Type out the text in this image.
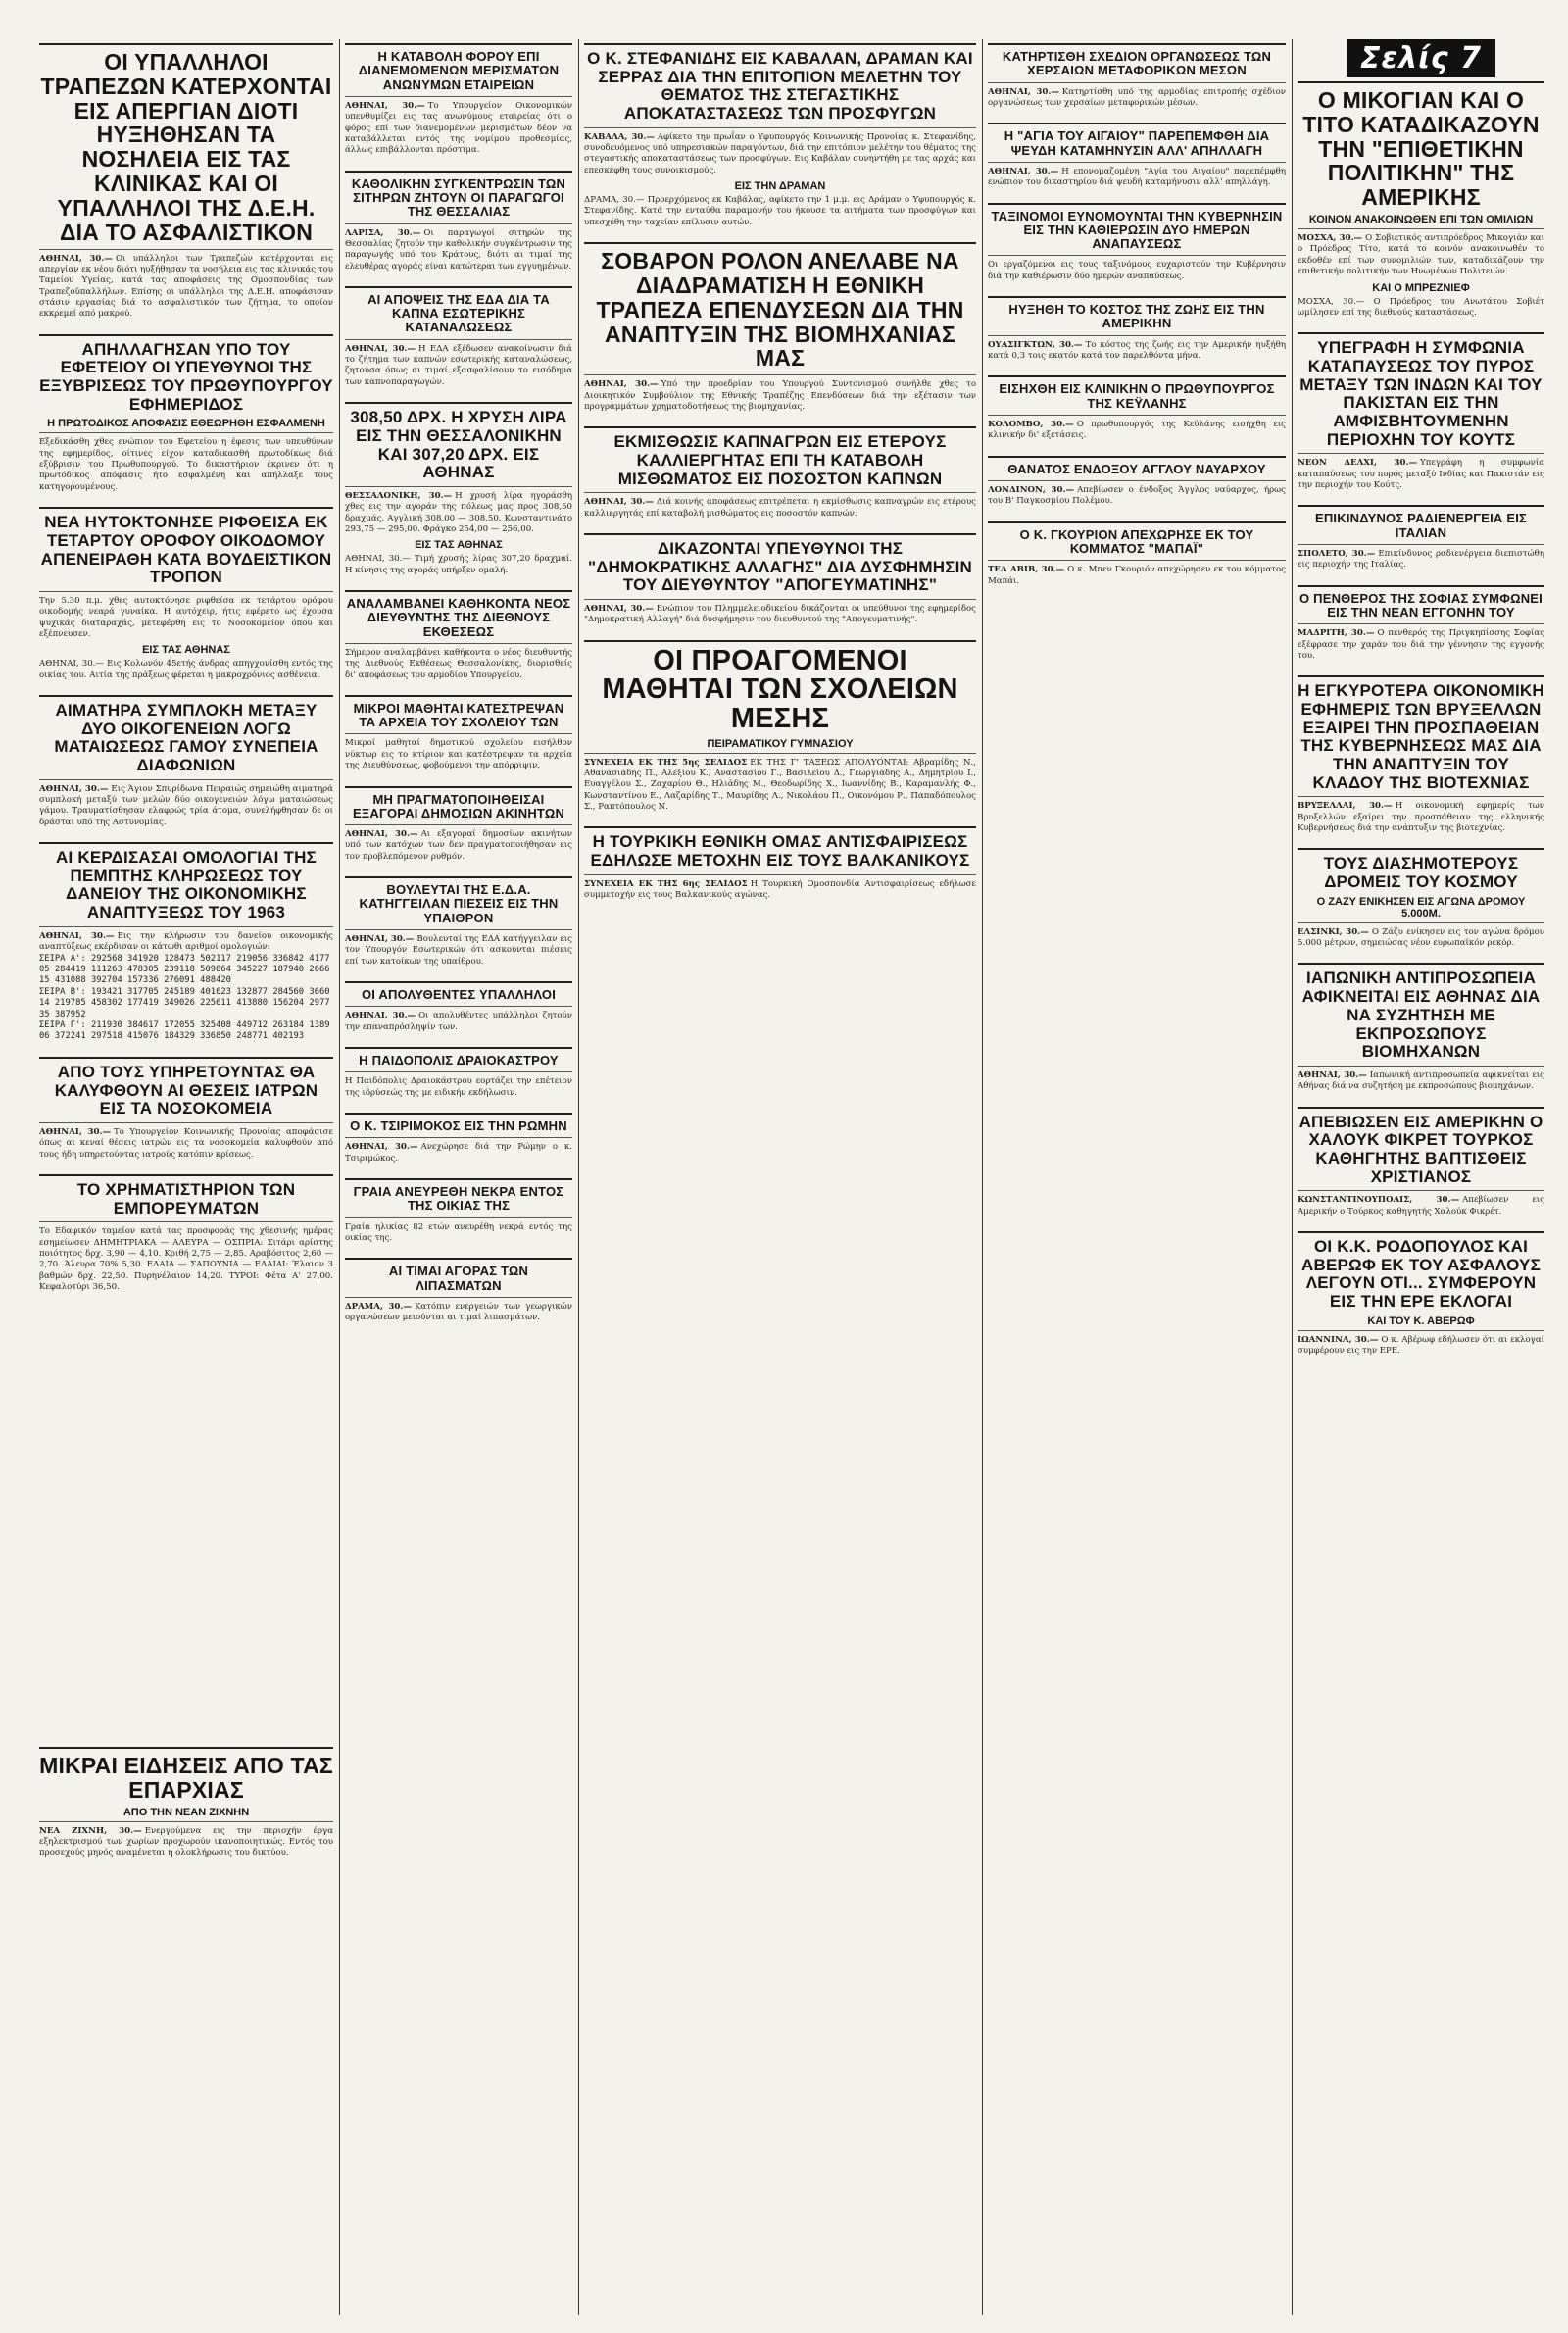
ΟΙ ΥΠΑΛΛΗΛΟΙ ΤΡΑΠΕΖΩΝ ΚΑΤΕΡΧΟΝΤΑΙ ΕΙΣ ΑΠΕΡΓΙΑΝ ΔΙΟΤΙ ΗΥΞΗΘΗΣΑΝ ΤΑ ΝΟΣΗΛΕΙΑ ΕΙΣ ΤΑΣ ΚΛΙΝΙΚΑΣ ΚΑΙ ΟΙ ΥΠΑΛΛΗΛΟΙ ΤΗΣ Δ.Ε.Η. ΔΙΑ ΤΟ ΑΣΦΑΛΙΣΤΙΚΟΝ
ΑΘΗΝΑΙ, 30.— Οι υπάλληλοι των Τραπεζών κατέρχονται εις απεργίαν εκ νέου διότι ηυξήθησαν τα νοσήλεια εις τας κλινικάς του Ταμείου Υγείας, κατά τας αποφάσεις της Ομοσπονδίας των Τραπεζοϋπαλλήλων. Επίσης οι υπάλληλοι της Δ.Ε.Η. αποφάσισαν στάσιν εργασίας διά το ασφαλιστικόν των ζήτημα, το οποίον εκκρεμεί από μακρού.
ΑΠΗΛΛΑΓΗΣΑΝ ΥΠΟ ΤΟΥ ΕΦΕΤΕΙΟΥ ΟΙ ΥΠΕΥΘΥΝΟΙ ΤΗΣ ΕΞΥΒΡΙΣΕΩΣ ΤΟΥ ΠΡΩΘΥΠΟΥΡΓΟΥ ΕΦΗΜΕΡΙΔΟΣ
Η ΠΡΩΤΟΔΙΚΟΣ ΑΠΟΦΑΣΙΣ ΕΘΕΩΡΗΘΗ ΕΣΦΑΛΜΕΝΗ
Εξεδικάσθη χθες ενώπιον του Εφετείου η έφεσις των υπευθύνων της εφημερίδος, οίτινες είχον καταδικασθή πρωτοδίκως διά εξύβρισιν του Πρωθυπουργού. Το δικαστήριον έκρινεν ότι η πρωτόδικος απόφασις ήτο εσφαλμένη και απήλλαξε τους κατηγορουμένους.
ΝΕΑ ΗΥΤΟΚΤΟΝΗΣΕ ΡΙΦΘΕΙΣΑ ΕΚ ΤΕΤΑΡΤΟΥ ΟΡΟΦΟΥ ΟΙΚΟΔΟΜΟΥ ΑΠΕΝΕΙΡΑΘΗ ΚΑΤΑ ΒΟΥΔΕΙΣΤΙΚΟΝ ΤΡΟΠΟΝ
Την 5.30 π.μ. χθες αυτοκτόνησε ριφθείσα εκ τετάρτου ορόφου οικοδομής νεαρά γυναίκα. Η αυτόχειρ, ήτις εφέρετο ως έχουσα ψυχικάς διαταραχάς, μετεφέρθη εις το Νοσοκομείον όπου και εξέπνευσεν.
ΕΙΣ ΤΑΣ ΑΘΗΝΑΣ
ΑΘΗΝΑΙ, 30.— Εις Κολωνόν 45ετής άνδρας απηγχονίσθη εντός της οικίας του. Αιτία της πράξεως φέρεται η μακροχρόνιος ασθένεια.
ΑΙΜΑΤΗΡΑ ΣΥΜΠΛΟΚΗ ΜΕΤΑΞΥ ΔΥΟ ΟΙΚΟΓΕΝΕΙΩΝ ΛΟΓΩ ΜΑΤΑΙΩΣΕΩΣ ΓΑΜΟΥ ΣΥΝΕΠΕΙΑ ΔΙΑΦΩΝΙΩΝ
ΑΘΗΝΑΙ, 30.— Εις Άγιον Σπυρίδωνα Πειραιώς σημειώθη αιματηρά συμπλοκή μεταξύ των μελών δύο οικογενειών λόγω ματαιώσεως γάμου. Τραυματίσθησαν ελαφρώς τρία άτομα, συνελήφθησαν δε οι δράσται υπό της Αστυνομίας.
ΑΙ ΚΕΡΔΙΣΑΣΑΙ ΟΜΟΛΟΓΙΑΙ ΤΗΣ ΠΕΜΠΤΗΣ ΚΛΗΡΩΣΕΩΣ ΤΟΥ ΔΑΝΕΙΟΥ ΤΗΣ ΟΙΚΟΝΟΜΙΚΗΣ ΑΝΑΠΤΥΞΕΩΣ ΤΟΥ 1963
ΑΘΗΝΑΙ, 30.— Εις την κλήρωσιν του δανείου οικονομικής αναπτύξεως εκέρδισαν οι κάτωθι αριθμοί ομολογιών:
ΣΕΙΡΑ Α': 292568 341920 128473 502117 219056 336842 417705 284419 111263 478305 239118 509864 345227 187940 266615 431088 392704 157336 276091 488420
ΣΕΙΡΑ Β': 193421 317705 245189 401623 132877 284560 366014 219785 458302 177419 349026 225611 413880 156204 297735 387952
ΣΕΙΡΑ Γ': 211930 384617 172055 325408 449712 263184 138906 372241 297518 415076 184329 336850 248771 402193
ΑΠΟ ΤΟΥΣ ΥΠΗΡΕΤΟΥΝΤΑΣ ΘΑ ΚΑΛΥΦΘΟΥΝ ΑΙ ΘΕΣΕΙΣ ΙΑΤΡΩΝ ΕΙΣ ΤΑ ΝΟΣΟΚΟΜΕΙΑ
ΑΘΗΝΑΙ, 30.— Το Υπουργείον Κοινωνικής Προνοίας αποφάσισε όπως αι κεναί θέσεις ιατρών εις τα νοσοκομεία καλυφθούν από τους ήδη υπηρετούντας ιατρούς κατόπιν κρίσεως.
ΤΟ ΧΡΗΜΑΤΙΣΤΗΡΙΟΝ ΤΩΝ ΕΜΠΟΡΕΥΜΑΤΩΝ
Το Εδαφικόν ταμείον κατά τας προσφοράς της χθεσινής ημέρας εσημείωσεν ΔΗΜΗΤΡΙΑΚΑ — ΑΛΕΥΡΑ — ΟΣΠΡΙΑ: Σιτάρι αρίστης ποιότητος δρχ. 3,90 — 4,10. Κριθή 2,75 — 2,85. Αραβόσιτος 2,60 — 2,70. Άλευρα 70% 5,30. ΕΛΑΙΑ — ΣΑΠΟΥΝΙΑ — ΕΛΑΙΑΙ: Έλαιον 3 βαθμών δρχ. 22,50. Πυρηνέλαιον 14,20. ΤΥΡΟΙ: Φέτα Α' 27,00. Κεφαλοτύρι 36,50.
ΜΙΚΡΑΙ ΕΙΔΗΣΕΙΣ ΑΠΟ ΤΑΣ ΕΠΑΡΧΙΑΣ
ΑΠΟ ΤΗΝ ΝΕΑΝ ΖΙΧΝΗΝ
ΝΕΑ ΖΙΧΝΗ, 30.— Ενεργούμενα εις την περιοχήν έργα εξηλεκτρισμού των χωρίων προχωρούν ικανοποιητικώς. Εντός του προσεχούς μηνός αναμένεται η ολοκλήρωσις του δικτύου.
Η ΚΑΤΑΒΟΛΗ ΦΟΡΟΥ ΕΠΙ ΔΙΑΝΕΜΟΜΕΝΩΝ ΜΕΡΙΣΜΑΤΩΝ ΑΝΩΝΥΜΩΝ ΕΤΑΙΡΕΙΩΝ
ΑΘΗΝΑΙ, 30.— Το Υπουργείον Οικονομικών υπενθυμίζει εις τας ανωνύμους εταιρείας ότι ο φόρος επί των διανεμομένων μερισμάτων δέον να καταβάλλεται εντός της νομίμου προθεσμίας, άλλως επιβάλλονται πρόστιμα.
ΚΑΘΟΛΙΚΗΝ ΣΥΓΚΕΝΤΡΩΣΙΝ ΤΩΝ ΣΙΤΗΡΩΝ ΖΗΤΟΥΝ ΟΙ ΠΑΡΑΓΩΓΟΙ ΤΗΣ ΘΕΣΣΑΛΙΑΣ
ΛΑΡΙΣΑ, 30.— Οι παραγωγοί σιτηρών της Θεσσαλίας ζητούν την καθολικήν συγκέντρωσιν της παραγωγής υπό του Κράτους, διότι αι τιμαί της ελευθέρας αγοράς είναι κατώτεραι των εγγυημένων.
ΑΙ ΑΠΟΨΕΙΣ ΤΗΣ ΕΔΑ ΔΙΑ ΤΑ ΚΑΠΝΑ ΕΣΩΤΕΡΙΚΗΣ ΚΑΤΑΝΑΛΩΣΕΩΣ
ΑΘΗΝΑΙ, 30.— Η ΕΔΑ εξέδωσεν ανακοίνωσιν διά το ζήτημα των καπνών εσωτερικής καταναλώσεως, ζητούσα όπως αι τιμαί εξασφαλίσουν το εισόδημα των καπνοπαραγωγών.
308,50 ΔΡΧ. Η ΧΡΥΣΗ ΛΙΡΑ ΕΙΣ ΤΗΝ ΘΕΣΣΑΛΟΝΙΚΗΝ ΚΑΙ 307,20 ΔΡΧ. ΕΙΣ ΑΘΗΝΑΣ
ΘΕΣΣΑΛΟΝΙΚΗ, 30.— Η χρυσή λίρα ηγοράσθη χθες εις την αγοράν της πόλεως μας προς 308,50 δραχμάς. Αγγλική 308,00 — 308,50. Κωνσταντινάτο 293,75 — 295,00. Φράγκο 254,00 — 256,00.
ΕΙΣ ΤΑΣ ΑΘΗΝΑΣ
ΑΘΗΝΑΙ, 30.— Τιμή χρυσής λίρας 307,20 δραχμαί. Η κίνησις της αγοράς υπήρξεν ομαλή.
ΑΝΑΛΑΜΒΑΝΕΙ ΚΑΘΗΚΟΝΤΑ ΝΕΟΣ ΔΙΕΥΘΥΝΤΗΣ ΤΗΣ ΔΙΕΘΝΟΥΣ ΕΚΘΕΣΕΩΣ
Σήμερον αναλαμβάνει καθήκοντα ο νέος διευθυντής της Διεθνούς Εκθέσεως Θεσσαλονίκης, διορισθείς δι' αποφάσεως του αρμοδίου Υπουργείου.
ΜΙΚΡΟΙ ΜΑΘΗΤΑΙ ΚΑΤΕΣΤΡΕΨΑΝ ΤΑ ΑΡΧΕΙΑ ΤΟΥ ΣΧΟΛΕΙΟΥ ΤΩΝ
Μικροί μαθηταί δημοτικού σχολείου εισήλθον νύκτωρ εις το κτίριον και κατέστρεψαν τα αρχεία της Διευθύνσεως, φοβούμενοι την απόρριψιν.
ΜΗ ΠΡΑΓΜΑΤΟΠΟΙΗΘΕΙΣΑΙ ΕΞΑΓΟΡΑΙ ΔΗΜΟΣΙΩΝ ΑΚΙΝΗΤΩΝ
ΑΘΗΝΑΙ, 30.— Αι εξαγοραί δημοσίων ακινήτων υπό των κατόχων των δεν πραγματοποιήθησαν εις τον προβλεπόμενον ρυθμόν.
ΒΟΥΛΕΥΤΑΙ ΤΗΣ Ε.Δ.Α. ΚΑΤΗΓΓΕΙΛΑΝ ΠΙΕΣΕΙΣ ΕΙΣ ΤΗΝ ΥΠΑΙΘΡΟΝ
ΑΘΗΝΑΙ, 30.— Βουλευταί της ΕΔΑ κατήγγειλαν εις τον Υπουργόν Εσωτερικών ότι ασκούνται πιέσεις επί των κατοίκων της υπαίθρου.
ΟΙ ΑΠΟΛΥΘΕΝΤΕΣ ΥΠΑΛΛΗΛΟΙ
ΑΘΗΝΑΙ, 30.— Οι απολυθέντες υπάλληλοι ζητούν την επαναπρόσληψίν των.
Η ΠΑΙΔΟΠΟΛΙΣ ΔΡΑΙΟΚΑΣΤΡΟΥ
Η Παιδόπολις Δραιοκάστρου εορτάζει την επέτειον της ιδρύσεώς της με ειδικήν εκδήλωσιν.
Ο Κ. ΤΣΙΡΙΜΟΚΟΣ ΕΙΣ ΤΗΝ ΡΩΜΗΝ
ΑΘΗΝΑΙ, 30.— Ανεχώρησε διά την Ρώμην ο κ. Τσιριμώκος.
ΓΡΑΙΑ ΑΝΕΥΡΕΘΗ ΝΕΚΡΑ ΕΝΤΟΣ ΤΗΣ ΟΙΚΙΑΣ ΤΗΣ
Γραία ηλικίας 82 ετών ανευρέθη νεκρά εντός της οικίας της.
ΑΙ ΤΙΜΑΙ ΑΓΟΡΑΣ ΤΩΝ ΛΙΠΑΣΜΑΤΩΝ
ΔΡΑΜΑ, 30.— Κατόπιν ενεργειών των γεωργικών οργανώσεων μειούνται αι τιμαί λιπασμάτων.
Ο Κ. ΣΤΕΦΑΝΙΔΗΣ ΕΙΣ ΚΑΒΑΛΑΝ, ΔΡΑΜΑΝ ΚΑΙ ΣΕΡΡΑΣ ΔΙΑ ΤΗΝ ΕΠΙΤΟΠΙΟΝ ΜΕΛΕΤΗΝ ΤΟΥ ΘΕΜΑΤΟΣ ΤΗΣ ΣΤΕΓΑΣΤΙΚΗΣ ΑΠΟΚΑΤΑΣΤΑΣΕΩΣ ΤΩΝ ΠΡΟΣΦΥΓΩΝ
ΚΑΒΑΛΑ, 30.— Αφίκετο την πρωΐαν ο Υφυπουργός Κοινωνικής Προνοίας κ. Στεφανίδης, συνοδευόμενος υπό υπηρεσιακών παραγόντων, διά την επιτόπιον μελέτην του θέματος της στεγαστικής αποκαταστάσεως των προσφύγων. Εις Καβάλαν συνηντήθη με τας αρχάς και επεσκέφθη τους συνοικισμούς.
ΕΙΣ ΤΗΝ ΔΡΑΜΑΝ
ΔΡΑΜΑ, 30.— Προερχόμενος εκ Καβάλας, αφίκετο την 1 μ.μ. εις Δράμαν ο Υφυπουργός κ. Στεφανίδης. Κατά την ενταύθα παραμονήν του ήκουσε τα αιτήματα των προσφύγων και υπεσχέθη την ταχείαν επίλυσιν αυτών.
ΣΟΒΑΡΟΝ ΡΟΛΟΝ ΑΝΕΛΑΒΕ ΝΑ ΔΙΑΔΡΑΜΑΤΙΣΗ Η ΕΘΝΙΚΗ ΤΡΑΠΕΖΑ ΕΠΕΝΔΥΣΕΩΝ ΔΙΑ ΤΗΝ ΑΝΑΠΤΥΞΙΝ ΤΗΣ ΒΙΟΜΗΧΑΝΙΑΣ ΜΑΣ
ΑΘΗΝΑΙ, 30.— Υπό την προεδρίαν του Υπουργού Συντονισμού συνήλθε χθες το Διοικητικόν Συμβούλιον της Εθνικής Τραπέζης Επενδύσεων διά την εξέτασιν των προγραμμάτων χρηματοδοτήσεως της βιομηχανίας.
ΕΚΜΙΣΘΩΣΙΣ ΚΑΠΝΑΓΡΩΝ ΕΙΣ ΕΤΕΡΟΥΣ ΚΑΛΛΙΕΡΓΗΤΑΣ ΕΠΙ ΤΗ ΚΑΤΑΒΟΛΗ ΜΙΣΘΩΜΑΤΟΣ ΕΙΣ ΠΟΣΟΣΤΟΝ ΚΑΠΝΩΝ
ΑΘΗΝΑΙ, 30.— Διά κοινής αποφάσεως επιτρέπεται η εκμίσθωσις καπναγρών εις ετέρους καλλιεργητάς επί καταβολή μισθώματος εις ποσοστόν καπνών.
ΔΙΚΑΖΟΝΤΑΙ ΥΠΕΥΘΥΝΟΙ ΤΗΣ "ΔΗΜΟΚΡΑΤΙΚΗΣ ΑΛΛΑΓΗΣ" ΔΙΑ ΔΥΣΦΗΜΗΣΙΝ ΤΟΥ ΔΙΕΥΘΥΝΤΟΥ "ΑΠΟΓΕΥΜΑΤΙΝΗΣ"
ΑΘΗΝΑΙ, 30.— Ενώπιον του Πλημμελειοδικείου δικάζονται οι υπεύθυνοι της εφημερίδος "Δημοκρατική Αλλαγή" διά δυσφήμησιν του διευθυντού της "Απογευματινής".
ΟΙ ΠΡΟΑΓΟΜΕΝΟΙ ΜΑΘΗΤΑΙ ΤΩΝ ΣΧΟΛΕΙΩΝ ΜΕΣΗΣ
ΠΕΙΡΑΜΑΤΙΚΟΥ ΓΥΜΝΑΣΙΟΥ
ΣΥΝΕΧΕΙΑ ΕΚ ΤΗΣ 5ης ΣΕΛΙΔΟΣ ΕΚ ΤΗΣ Γ' ΤΑΞΕΩΣ ΑΠΟΛΥΟΝΤΑΙ: Αβραμίδης Ν., Αθανασιάδης Π., Αλεξίου Κ., Αναστασίου Γ., Βασιλείου Δ., Γεωργιάδης Α., Δημητρίου Ι., Ευαγγέλου Σ., Ζαχαρίου Θ., Ηλιάδης Μ., Θεοδωρίδης Χ., Ιωαννίδης Β., Καραμανλής Φ., Κωνσταντίνου Ε., Λαζαρίδης Τ., Μαυρίδης Λ., Νικολάου Π., Οικονόμου Ρ., Παπαδόπουλος Σ., Ραπτόπουλος Ν.
Η ΤΟΥΡΚΙΚΗ ΕΘΝΙΚΗ ΟΜΑΣ ΑΝΤΙΣΦΑΙΡΙΣΕΩΣ ΕΔΗΛΩΣΕ ΜΕΤΟΧΗΝ ΕΙΣ ΤΟΥΣ ΒΑΛΚΑΝΙΚΟΥΣ
ΣΥΝΕΧΕΙΑ ΕΚ ΤΗΣ 6ης ΣΕΛΙΔΟΣ Η Τουρκική Ομοσπονδία Αντισφαιρίσεως εδήλωσε συμμετοχήν εις τους Βαλκανικούς αγώνας.
ΚΑΤΗΡΤΙΣΘΗ ΣΧΕΔΙΟΝ ΟΡΓΑΝΩΣΕΩΣ ΤΩΝ ΧΕΡΣΑΙΩΝ ΜΕΤΑΦΟΡΙΚΩΝ ΜΕΣΩΝ
ΑΘΗΝΑΙ, 30.— Κατηρτίσθη υπό της αρμοδίας επιτροπής σχέδιον οργανώσεως των χερσαίων μεταφορικών μέσων.
Η "ΑΓΙΑ ΤΟΥ ΑΙΓΑΙΟΥ" ΠΑΡΕΠΕΜΦΘΗ ΔΙΑ ΨΕΥΔΗ ΚΑΤΑΜΗΝΥΣΙΝ ΑΛΛ' ΑΠΗΛΛΑΓΗ
ΑΘΗΝΑΙ, 30.— Η επονομαζομένη "Αγία του Αιγαίου" παρεπέμφθη ενώπιον του δικαστηρίου διά ψευδή καταμήνυσιν αλλ' απηλλάγη.
ΤΑΞΙΝΟΜΟΙ ΕΥΝΟΜΟΥΝΤΑΙ ΤΗΝ ΚΥΒΕΡΝΗΣΙΝ ΕΙΣ ΤΗΝ ΚΑΘΙΕΡΩΣΙΝ ΔΥΟ ΗΜΕΡΩΝ ΑΝΑΠΑΥΣΕΩΣ
Οι εργαζόμενοι εις τους ταξινόμους ευχαριστούν την Κυβέρνησιν διά την καθιέρωσιν δύο ημερών αναπαύσεως.
ΗΥΞΗΘΗ ΤΟ ΚΟΣΤΟΣ ΤΗΣ ΖΩΗΣ ΕΙΣ ΤΗΝ ΑΜΕΡΙΚΗΝ
ΟΥΑΣΙΓΚΤΩΝ, 30.— Το κόστος της ζωής εις την Αμερικήν ηυξήθη κατά 0,3 τοις εκατόν κατά τον παρελθόντα μήνα.
ΕΙΣΗΧΘΗ ΕΙΣ ΚΛΙΝΙΚΗΝ Ο ΠΡΩΘΥΠΟΥΡΓΟΣ ΤΗΣ ΚΕΫΛΑΝΗΣ
ΚΟΛΟΜΒΟ, 30.— Ο πρωθυπουργός της Κεϋλάνης εισήχθη εις κλινικήν δι' εξετάσεις.
ΘΑΝΑΤΟΣ ΕΝΔΟΞΟΥ ΑΓΓΛΟΥ ΝΑΥΑΡΧΟΥ
ΛΟΝΔΙΝΟΝ, 30.— Απεβίωσεν ο ένδοξος Άγγλος ναύαρχος, ήρως του Β' Παγκοσμίου Πολέμου.
Ο Κ. ΓΚΟΥΡΙΟΝ ΑΠΕΧΩΡΗΣΕ ΕΚ ΤΟΥ ΚΟΜΜΑΤΟΣ "ΜΑΠΑΪ"
ΤΕΛ ΑΒΙΒ, 30.— Ο κ. Μπεν Γκουριόν απεχώρησεν εκ του κόμματος Μαπάι.
Σελίς 7
Ο ΜΙΚΟΓΙΑΝ ΚΑΙ Ο ΤΙΤΟ ΚΑΤΑΔΙΚΑΖΟΥΝ ΤΗΝ "ΕΠΙΘΕΤΙΚΗΝ ΠΟΛΙΤΙΚΗΝ" ΤΗΣ ΑΜΕΡΙΚΗΣ
ΚΟΙΝΟΝ ΑΝΑΚΟΙΝΩΘΕΝ ΕΠΙ ΤΩΝ ΟΜΙΛΙΩΝ
ΜΟΣΧΑ, 30.— Ο Σοβιετικός αντιπρόεδρος Μικογιάν και ο Πρόεδρος Τίτο, κατά το κοινόν ανακοινωθέν το εκδοθέν επί των συνομιλιών των, καταδικάζουν την επιθετικήν πολιτικήν των Ηνωμένων Πολιτειών.
ΚΑΙ Ο ΜΠΡΕΖΝΙΕΦ
ΜΟΣΧΑ, 30.— Ο Πρόεδρος του Ανωτάτου Σοβιέτ ωμίλησεν επί της διεθνούς καταστάσεως.
ΥΠΕΓΡΑΦΗ Η ΣΥΜΦΩΝΙΑ ΚΑΤΑΠΑΥΣΕΩΣ ΤΟΥ ΠΥΡΟΣ ΜΕΤΑΞΥ ΤΩΝ ΙΝΔΩΝ ΚΑΙ ΤΟΥ ΠΑΚΙΣΤΑΝ ΕΙΣ ΤΗΝ ΑΜΦΙΣΒΗΤΟΥΜΕΝΗΝ ΠΕΡΙΟΧΗΝ ΤΟΥ ΚΟΥΤΣ
ΝΕΟΝ ΔΕΛΧΙ, 30.— Υπεγράφη η συμφωνία καταπαύσεως του πυρός μεταξύ Ινδίας και Πακιστάν εις την περιοχήν του Κούτς.
ΕΠΙΚΙΝΔΥΝΟΣ ΡΑΔΙΕΝΕΡΓΕΙΑ ΕΙΣ ΙΤΑΛΙΑΝ
ΣΠΟΛΕΤΟ, 30.— Επικίνδυνος ραδιενέργεια διεπιστώθη εις περιοχήν της Ιταλίας.
Ο ΠΕΝΘΕΡΟΣ ΤΗΣ ΣΟΦΙΑΣ ΣΥΜΦΩΝΕΙ ΕΙΣ ΤΗΝ ΝΕΑΝ ΕΓΓΟΝΗΝ ΤΟΥ
ΜΑΔΡΙΤΗ, 30.— Ο πενθερός της Πριγκηπίσσης Σοφίας εξέφρασε την χαράν του διά την γέννησιν της εγγονής του.
Η ΕΓΚΥΡΟΤΕΡΑ ΟΙΚΟΝΟΜΙΚΗ ΕΦΗΜΕΡΙΣ ΤΩΝ ΒΡΥΞΕΛΛΩΝ ΕΞΑΙΡΕΙ ΤΗΝ ΠΡΟΣΠΑΘΕΙΑΝ ΤΗΣ ΚΥΒΕΡΝΗΣΕΩΣ ΜΑΣ ΔΙΑ ΤΗΝ ΑΝΑΠΤΥΞΙΝ ΤΟΥ ΚΛΑΔΟΥ ΤΗΣ ΒΙΟΤΕΧΝΙΑΣ
ΒΡΥΞΕΛΛΑΙ, 30.— Η οικονομική εφημερίς των Βρυξελλών εξαίρει την προσπάθειαν της ελληνικής Κυβερνήσεως διά την ανάπτυξιν της βιοτεχνίας.
ΤΟΥΣ ΔΙΑΣΗΜΟΤΕΡΟΥΣ ΔΡΟΜΕΙΣ ΤΟΥ ΚΟΣΜΟΥ
Ο ΖΑΖΥ ΕΝΙΚΗΣΕΝ ΕΙΣ ΑΓΩΝΑ ΔΡΟΜΟΥ 5.000Μ.
ΕΛΣΙΝΚΙ, 30.— Ο Ζάζυ ενίκησεν εις τον αγώνα δρόμου 5.000 μέτρων, σημειώσας νέον ευρωπαϊκόν ρεκόρ.
ΙΑΠΩΝΙΚΗ ΑΝΤΙΠΡΟΣΩΠΕΙΑ ΑΦΙΚΝΕΙΤΑΙ ΕΙΣ ΑΘΗΝΑΣ ΔΙΑ ΝΑ ΣΥΖΗΤΗΣΗ ΜΕ ΕΚΠΡΟΣΩΠΟΥΣ ΒΙΟΜΗΧΑΝΩΝ
ΑΘΗΝΑΙ, 30.— Ιαπωνική αντιπροσωπεία αφικνείται εις Αθήνας διά να συζητήση με εκπροσώπους βιομηχάνων.
ΑΠΕΒΙΩΣΕΝ ΕΙΣ ΑΜΕΡΙΚΗΝ Ο ΧΑΛΟΥΚ ΦΙΚΡΕΤ ΤΟΥΡΚΟΣ ΚΑΘΗΓΗΤΗΣ ΒΑΠΤΙΣΘΕΙΣ ΧΡΙΣΤΙΑΝΟΣ
ΚΩΝΣΤΑΝΤΙΝΟΥΠΟΛΙΣ, 30.— Απεβίωσεν εις Αμερικήν ο Τούρκος καθηγητής Χαλούκ Φικρέτ.
ΟΙ Κ.Κ. ΡΟΔΟΠΟΥΛΟΣ ΚΑΙ ΑΒΕΡΩΦ ΕΚ ΤΟΥ ΑΣΦΑΛΟΥΣ ΛΕΓΟΥΝ ΟΤΙ... ΣΥΜΦΕΡΟΥΝ ΕΙΣ ΤΗΝ ΕΡΕ ΕΚΛΟΓΑΙ
ΚΑΙ ΤΟΥ Κ. ΑΒΕΡΩΦ
ΙΩΑΝΝΙΝΑ, 30.— Ο κ. Αβέρωφ εδήλωσεν ότι αι εκλογαί συμφέρουν εις την ΕΡΕ.
